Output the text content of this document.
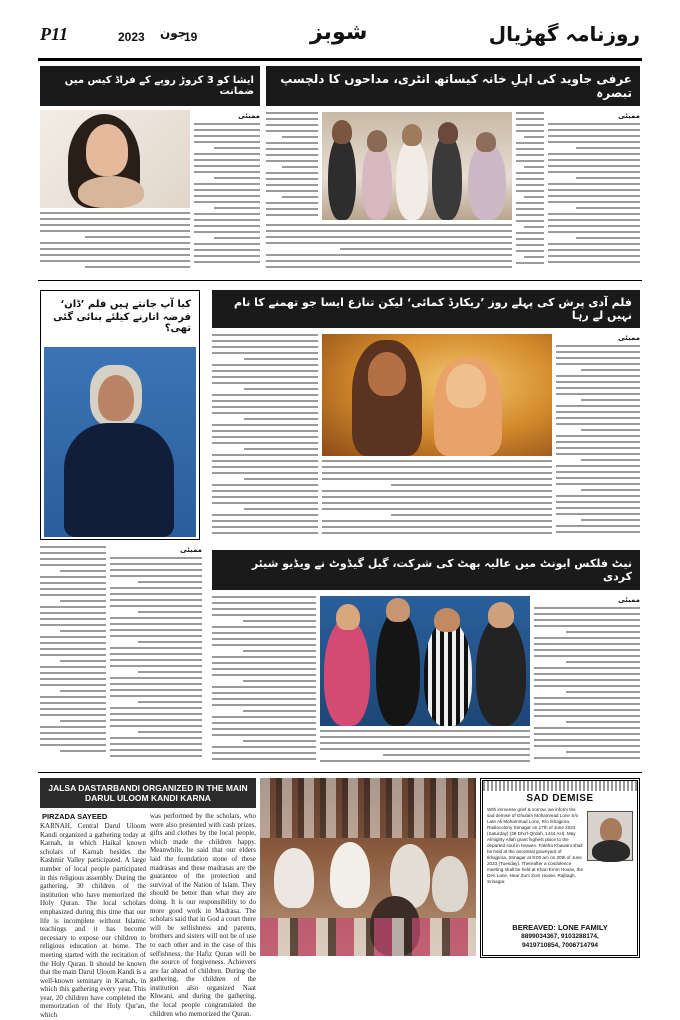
P11	2023 جون
19	شوبز	روزنامہ گھڑیال
عرفی جاوید کی اہلِ خانہ کیساتھ انٹری، مداحوں کا دلچسپ تبصرہ
ممبئی
ایشا کو 3 کروڑ روپے کے فراڈ کیس میں ضمانت
ممبئی
کیا آپ جانتے ہیں فلم ’ڈان‘
قرضہ اتارنے کیلئے بنائی گئی تھی؟
ممبئی
فلم آدی پرش کی پہلے روز ’ریکارڈ کمائی‘ لیکن تنازع ایسا جو تھمنے کا نام نہیں لے رہا
ممبئی
نیٹ فلکس ایونٹ میں عالیہ بھٹ کی شرکت، گیل گیڈوٹ نے ویڈیو شیئر کردی
ممبئی
JALSA DASTARBANDI ORGANIZED IN THE MAIN DARUL ULOOM KANDI KARNA
PIRZADA SAYEED
KARNAH, Central Darul Uloom Kandi organized a gathering today at Karnah, in which Haikal known scholars of Karnah besides the Kashmir Valley participated. A large number of local people participated in this religious assembly. During the gathering, 30 children of the institution who have memorized the Holy Quran. The local scholars emphasized during this time that our life is incomplete without Islamic teachings and it has become necessary to expose our children to religious education at home. The meeting started with the recitation of the Holy Quran. It should be known that the main Darul Uloom Kandi is a well-known seminary in Karnah, in which this gathering every year. This year, 20 children have completed the memorization of the Holy Qur'an, which
was performed by the scholars, who were also presented with cash prizes, gifts and clothes by the local people, which made the children happy. Meanwhile, he said that our elders laid the foundation stone of these madrasas and these madrasas are the guarantee of the protection and survival of the Nation of Islam. They should be better than what they are doing. It is our responsibility to do more good work in Madrasa. The scholars said that in God a court there will be selfishness and parents, brothers and sisters will not be of use to each other and in the case of this selfishness, the Hafiz Quran will be the source of forgiveness. Achievers are far ahead of children. During the gathering, the children of the institution also organized Naat Khwani, and during the gathering, the local people congratulated the children who memorized the Quran.
SAD DEMISE
With immense grief & sorrow, we inform the sad demise of Ghulam Mohammad Lone S/o Late Ali Mohammad Lone, R/o Ikhajpora, Radiocolony Srinagar on 17th of June 2023 (Saturday) (28 Dhu'l-Qi'dah, 1444 AH). May Almighty Allah grant highest place to the departed soul in heaven. Fateha Khawani shall be held at the ancestral graveyard of Ikhajpora, Srinagar at 9:00 am on 20th of June 2023 (Tuesday). Thereafter a condolence meeting shall be held at Khan Emm House, the Den Lane, Near Zum Zum House, Rajbagh, Srinagar.
BEREAVED: LONE FAMILY
8899034367, 9103288174,
9419710854, 7006714794
